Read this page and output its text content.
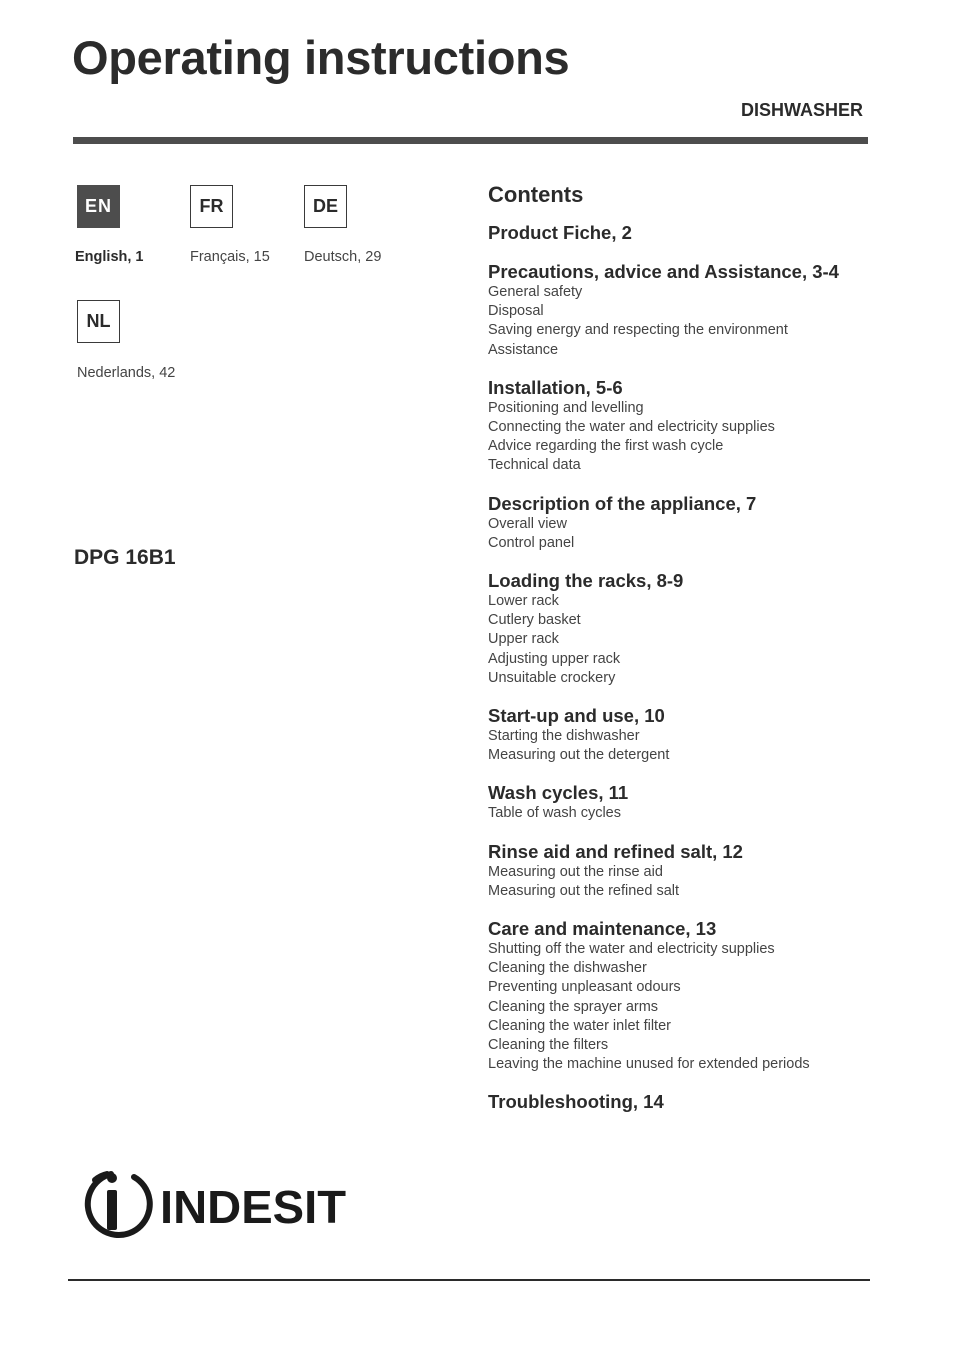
Operating instructions
DISHWASHER
EN
English, 1
FR
Français, 15
DE
Deutsch, 29
NL
Nederlands, 42
DPG 16B1
Contents
Product Fiche, 2
Precautions, advice and Assistance, 3-4
General safety
Disposal
Saving energy and respecting the environment
Assistance
Installation, 5-6
Positioning and levelling
Connecting the water and electricity supplies
Advice regarding the first wash cycle
Technical data
Description of the appliance, 7
Overall view
Control panel
Loading the racks, 8-9
Lower rack
Cutlery basket
Upper rack
Adjusting upper rack
Unsuitable crockery
Start-up and use, 10
Starting the dishwasher
Measuring out the detergent
Wash cycles, 11
Table of wash cycles
Rinse aid and refined salt, 12
Measuring out the rinse aid
Measuring out the refined salt
Care and maintenance, 13
Shutting off the water and electricity supplies
Cleaning the dishwasher
Preventing unpleasant odours
Cleaning the sprayer arms
Cleaning the water inlet filter
Cleaning the filters
Leaving the machine unused for extended periods
Troubleshooting, 14
INDESIT
